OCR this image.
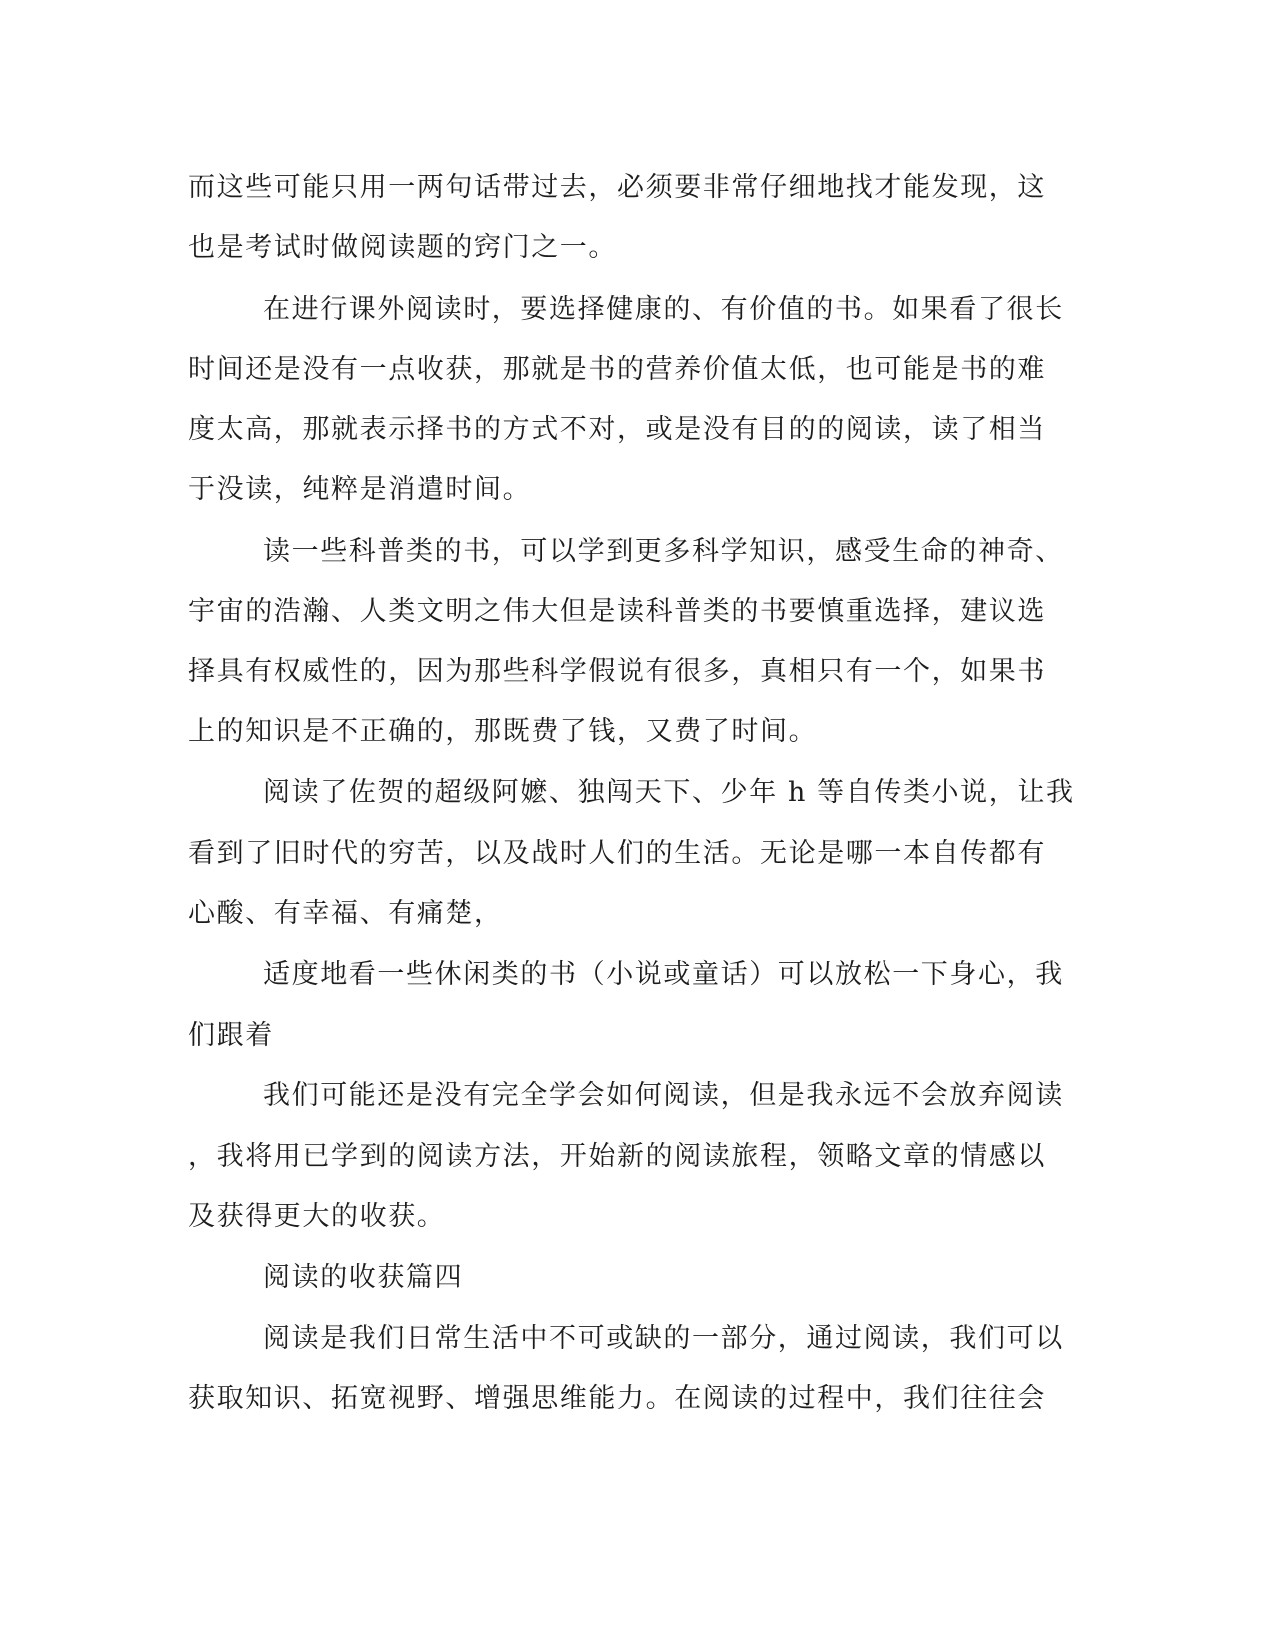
而这些可能只用一两句话带过去，必须要非常仔细地找才能发现，这
也是考试时做阅读题的窍门之一。
在进行课外阅读时，要选择健康的、有价值的书。如果看了很长
时间还是没有一点收获，那就是书的营养价值太低，也可能是书的难
度太高，那就表示择书的方式不对，或是没有目的的阅读，读了相当
于没读，纯粹是消遣时间。
读一些科普类的书，可以学到更多科学知识，感受生命的神奇、
宇宙的浩瀚、人类文明之伟大但是读科普类的书要慎重选择，建议选
择具有权威性的，因为那些科学假说有很多，真相只有一个，如果书
上的知识是不正确的，那既费了钱，又费了时间。
阅读了佐贺的超级阿嬷、独闯天下、少年 h 等自传类小说，让我
看到了旧时代的穷苦，以及战时人们的生活。无论是哪一本自传都有
心酸、有幸福、有痛楚，
适度地看一些休闲类的书（小说或童话）可以放松一下身心，我
们跟着
我们可能还是没有完全学会如何阅读，但是我永远不会放弃阅读
，我将用已学到的阅读方法，开始新的阅读旅程，领略文章的情感以
及获得更大的收获。
阅读的收获篇四
阅读是我们日常生活中不可或缺的一部分，通过阅读，我们可以
获取知识、拓宽视野、增强思维能力。在阅读的过程中，我们往往会
